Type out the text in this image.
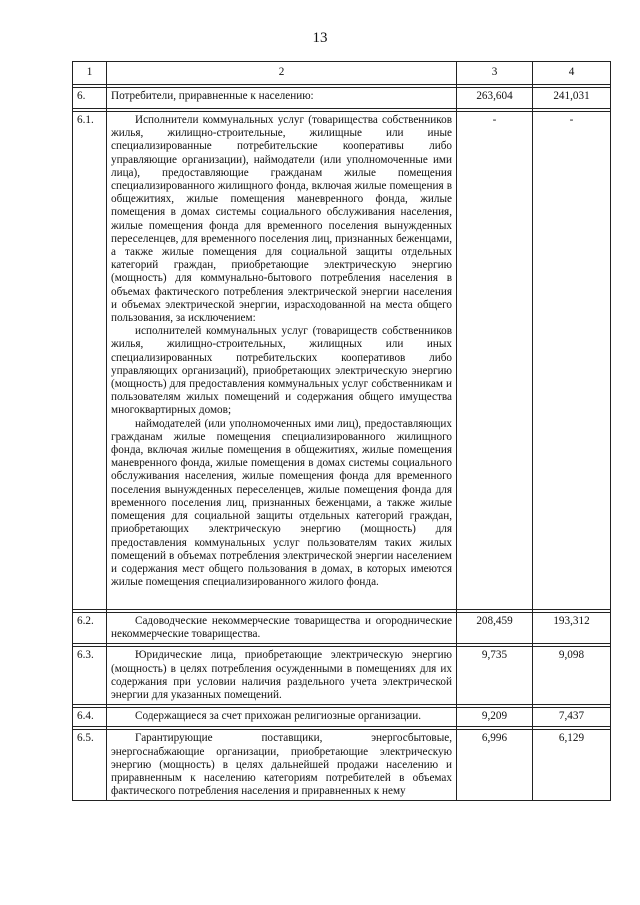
13
1	2	3	4

6.	Потребители, приравненные к населению:	263,604	241,031

6.1.	Исполнители коммунальных услуг (товарищества собственников жилья, жилищно-строительные, жилищные или иные специализированные потребительские кооперативы либо управляющие организации), наймодатели (или уполномоченные ими лица), предоставляющие гражданам жилые помещения специализированного жилищного фонда, включая жилые помещения в общежитиях, жилые помещения маневренного фонда, жилые помещения в домах системы социального обслуживания населения, жилые помещения фонда для временного поселения вынужденных переселенцев, для временного поселения лиц, признанных беженцами, а также жилые помещения для социальной защиты отдельных категорий граждан, приобретающие электрическую энергию (мощность) для коммунально-бытового потребления населения в объемах фактического потребления электрической энергии населения и объемах электрической энергии, израсходованной на места общего пользования, за исключением:

исполнителей коммунальных услуг (товариществ собственников жилья, жилищно-строительных, жилищных или иных специализированных потребительских кооперативов либо управляющих организаций), приобретающих электрическую энергию (мощность) для предоставления коммунальных услуг собственникам и пользователям жилых помещений и содержания общего имущества многоквартирных домов;

наймодателей (или уполномоченных ими лиц), предоставляющих гражданам жилые помещения специализированного жилищного фонда, включая жилые помещения в общежитиях, жилые помещения маневренного фонда, жилые помещения в домах системы социального обслуживания населения, жилые помещения фонда для временного поселения вынужденных переселенцев, жилые помещения фонда для временного поселения лиц, признанных беженцами, а также жилые помещения для социальной защиты отдельных категорий граждан, приобретающих электрическую энергию (мощность) для предоставления коммунальных услуг пользователям таких жилых помещений в объемах потребления электрической энергии населением и содержания мест общего пользования в домах, в которых имеются жилые помещения специализированного жилого фонда.	-	-

6.2.	Садоводческие некоммерческие товарищества и огороднические некоммерческие товарищества.	208,459	193,312

6.3.	Юридические лица, приобретающие электрическую энергию (мощность) в целях потребления осужденными в помещениях для их содержания при условии наличия раздельного учета электрической энергии для указанных помещений.	9,735	9,098

6.4.	Содержащиеся за счет прихожан религиозные организации.	9,209	7,437

6.5.	Гарантирующие поставщики, энергосбытовые, энергоснабжающие организации, приобретающие электрическую энергию (мощность) в целях дальнейшей продажи населению и приравненным к населению категориям потребителей в объемах фактического потребления населения и приравненных к нему	6,996	6,129
